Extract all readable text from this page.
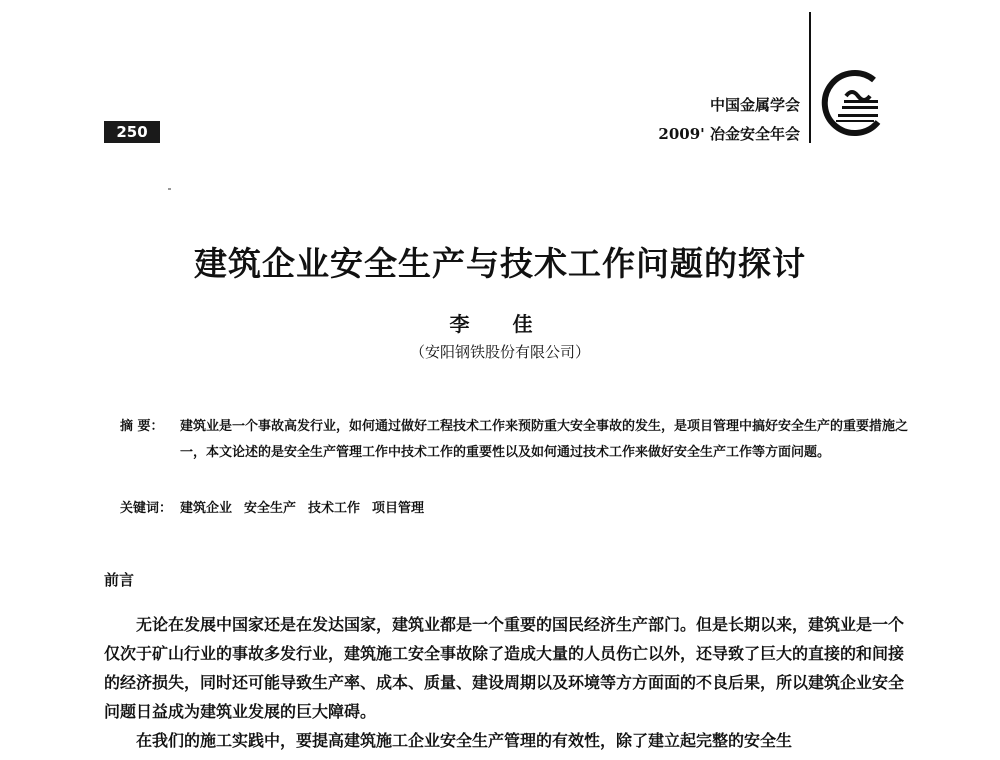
250
中国金属学会
2009' 冶金安全年会
建筑企业安全生产与技术工作问题的探讨
李 佳
（安阳钢铁股份有限公司）
摘 要：	建筑业是一个事故高发行业，如何通过做好工程技术工作来预防重大安全事故的发生，是项目管理中搞好安全生产的重要措施之一，本文论述的是安全生产管理工作中技术工作的重要性以及如何通过技术工作来做好安全生产工作等方面问题。
关键词： 建筑企业 安全生产 技术工作 项目管理
前言

无论在发展中国家还是在发达国家，建筑业都是一个重要的国民经济生产部门。但是长期以来，建筑业是一个仅次于矿山行业的事故多发行业，建筑施工安全事故除了造成大量的人员伤亡以外，还导致了巨大的直接的和间接的经济损失，同时还可能导致生产率、成本、质量、建设周期以及环境等方方面面的不良后果，所以建筑企业安全问题日益成为建筑业发展的巨大障碍。

在我们的施工实践中，要提高建筑施工企业安全生产管理的有效性，除了建立起完整的安全生
